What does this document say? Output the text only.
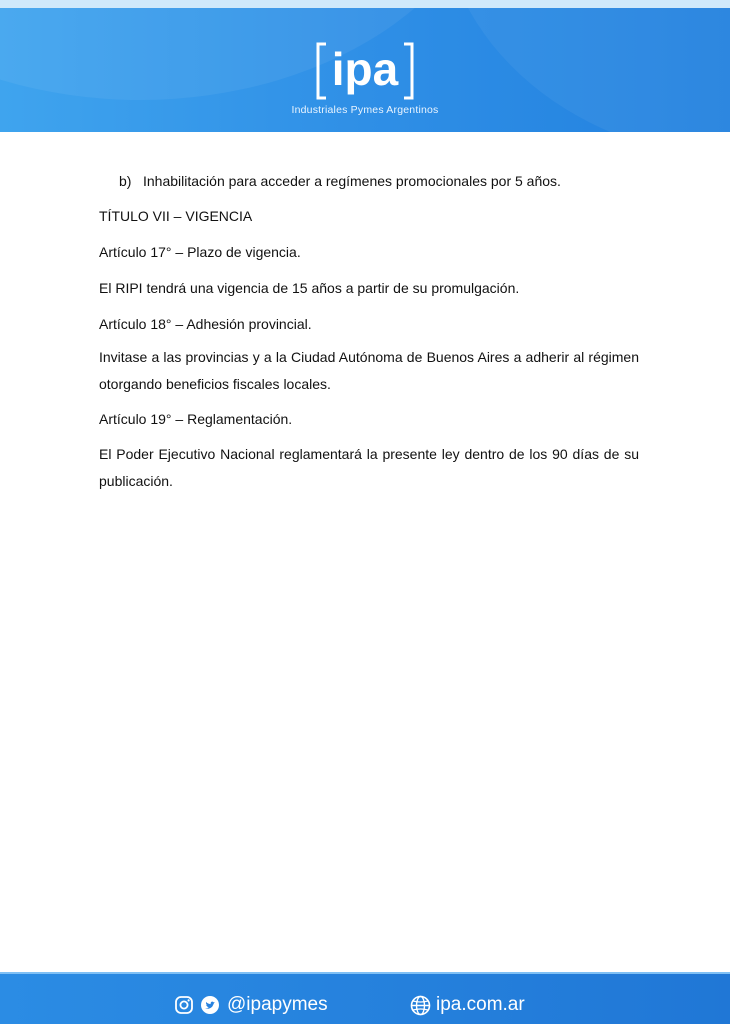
ipa
Industriales Pymes Argentinos

b) Inhabilitación para acceder a regímenes promocionales por 5 años.

TÍTULO VII – VIGENCIA

Artículo 17° – Plazo de vigencia.

El RIPI tendrá una vigencia de 15 años a partir de su promulgación.

Artículo 18° – Adhesión provincial.

Invitase a las provincias y a la Ciudad Autónoma de Buenos Aires a adherir al régimen otorgando beneficios fiscales locales.

Artículo 19° – Reglamentación.

El Poder Ejecutivo Nacional reglamentará la presente ley dentro de los 90 días de su publicación.

@ipapymes	ipa.com.ar
